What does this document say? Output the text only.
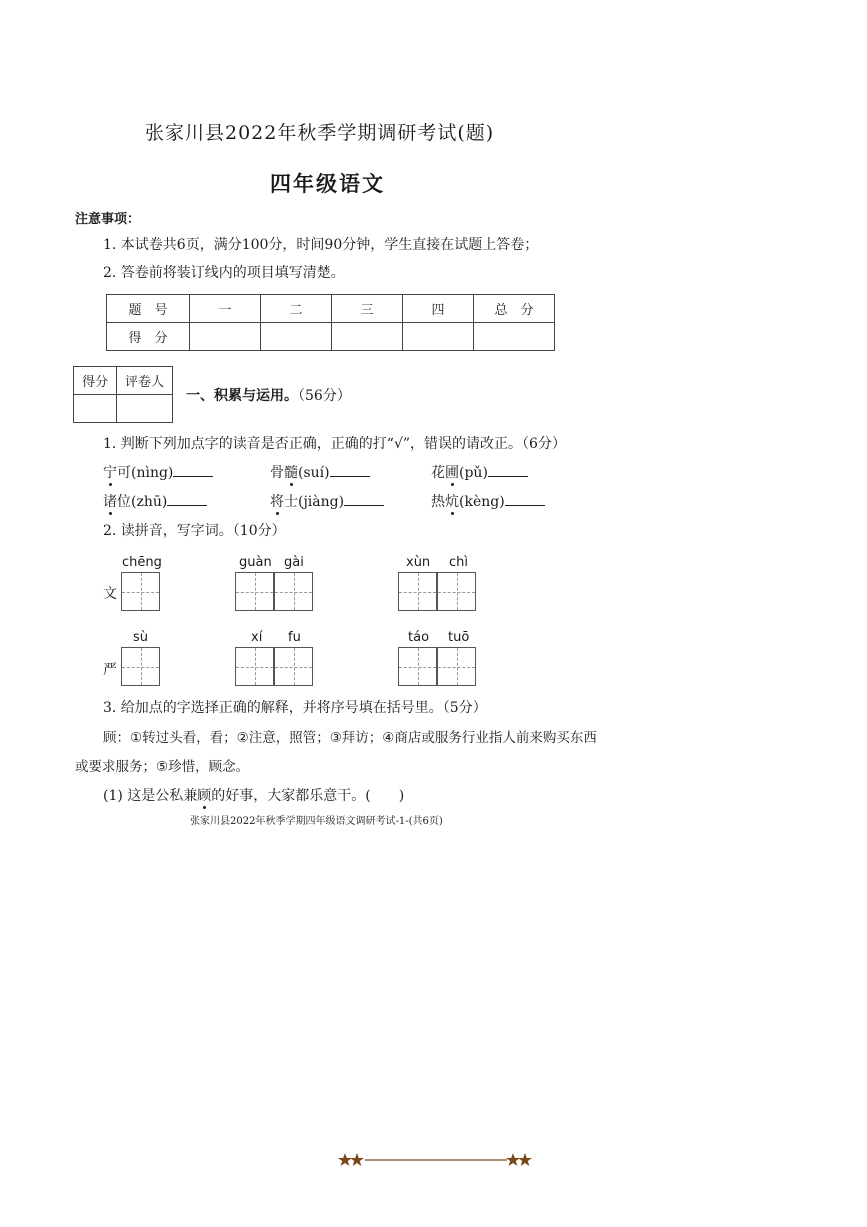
张家川县2022年秋季学期调研考试(题)
四年级语文
注意事项：
1. 本试卷共6页，满分100分，时间90分钟，学生直接在试题上答卷；
2. 答卷前将装订线内的项目填写清楚。
题　号	一	二	三	四	总　分
得　分					
得分	评卷人

一、积累与运用。（56分）
1. 判断下列加点字的读音是否正确，正确的打“√”，错误的请改正。（6分）
宁可(nìng)	骨髓(suí)	花圃(pǔ)
诸位(zhū)	将士(jiàng)	热炕(kèng)
2. 读拼音，写字词。（10分）
文
chēng	guàn gài	xùn chì
严
sù	xí fu	táo tuō
3. 给加点的字选择正确的解释，并将序号填在括号里。（5分）
顾：①转过头看，看；②注意，照管；③拜访；④商店或服务行业指人前来购买东西
或要求服务；⑤珍惜，顾念。
(1) 这是公私兼顾的好事，大家都乐意干。(　　)
张家川县2022年秋季学期四年级语文调研考试-1-(共6页)
